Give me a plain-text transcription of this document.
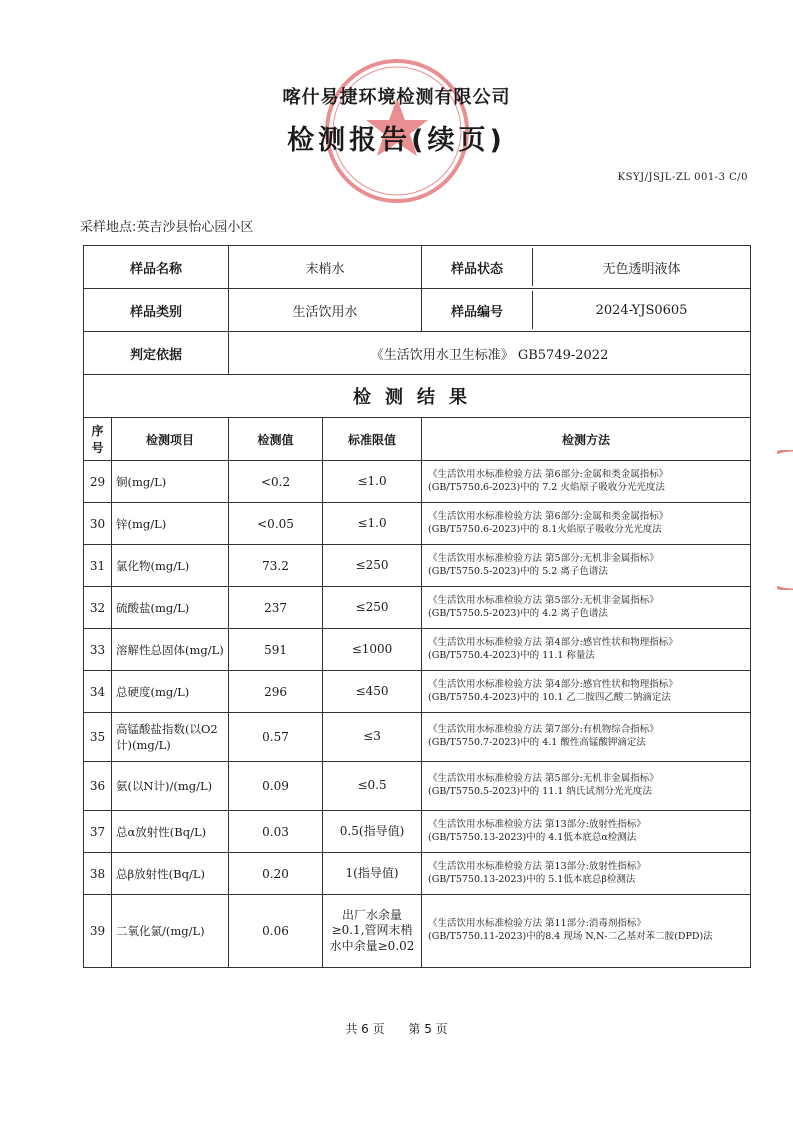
喀什易捷环境检测有限公司
检测报告(续页)
KSYJ/JSJL-ZL 001-3 C/0
采样地点:英吉沙县怡心园小区
样品名称		末梢水		样品状态 无色透明液体

样品类别		生活饮用水		样品编号 2024-YJS0605

判定依据		《生活饮用水卫生标准》 GB5749-2022		
检测结果				
序号	检测项目	检测值	标准限值	检测方法
29	铜(mg/L)	<0.2	≤1.0	《生活饮用水标准检验方法 第6部分:金属和类金属指标》
(GB/T5750.6-2023)中的 7.2 火焰原子吸收分光光度法

30	锌(mg/L)	<0.05	≤1.0	《生活饮用水标准检验方法 第6部分:金属和类金属指标》
(GB/T5750.6-2023)中的 8.1火焰原子吸收分光光度法

31	氯化物(mg/L)	73.2	≤250	《生活饮用水标准检验方法 第5部分:无机非金属指标》
(GB/T5750.5-2023)中的 5.2 离子色谱法

32	硫酸盐(mg/L)	237	≤250	《生活饮用水标准检验方法 第5部分:无机非金属指标》
(GB/T5750.5-2023)中的 4.2 离子色谱法

33	溶解性总固体(mg/L)	591	≤1000	《生活饮用水标准检验方法 第4部分:感官性状和物理指标》
(GB/T5750.4-2023)中的 11.1 称量法

34	总硬度(mg/L)	296	≤450	《生活饮用水标准检验方法 第4部分:感官性状和物理指标》
(GB/T5750.4-2023)中的 10.1 乙二胺四乙酸二钠滴定法

35	高锰酸盐指数(以O2计)(mg/L)	0.57	≤3	《生活饮用水标准检验方法 第7部分:有机物综合指标》
(GB/T5750.7-2023)中的 4.1 酸性高锰酸钾滴定法

36	氨(以N计)/(mg/L)	0.09	≤0.5	《生活饮用水标准检验方法 第5部分:无机非金属指标》
(GB/T5750.5-2023)中的 11.1 纳氏试剂分光光度法

37	总α放射性(Bq/L)	0.03	0.5(指导值)	《生活饮用水标准检验方法 第13部分:放射性指标》
(GB/T5750.13-2023)中的 4.1低本底总α检测法

38	总β放射性(Bq/L)	0.20	1(指导值)	《生活饮用水标准检验方法 第13部分:放射性指标》
(GB/T5750.13-2023)中的 5.1低本底总β检测法

39	二氧化氯/(mg/L)	0.06	出厂水余量≥0.1,管网末梢水中余量≥0.02	《生活饮用水标准检验方法 第11部分:消毒剂指标》
(GB/T5750.11-2023)中的8.4 现场 N,N-二乙基对苯二胺(DPD)法
共 6 页 第 5 页
